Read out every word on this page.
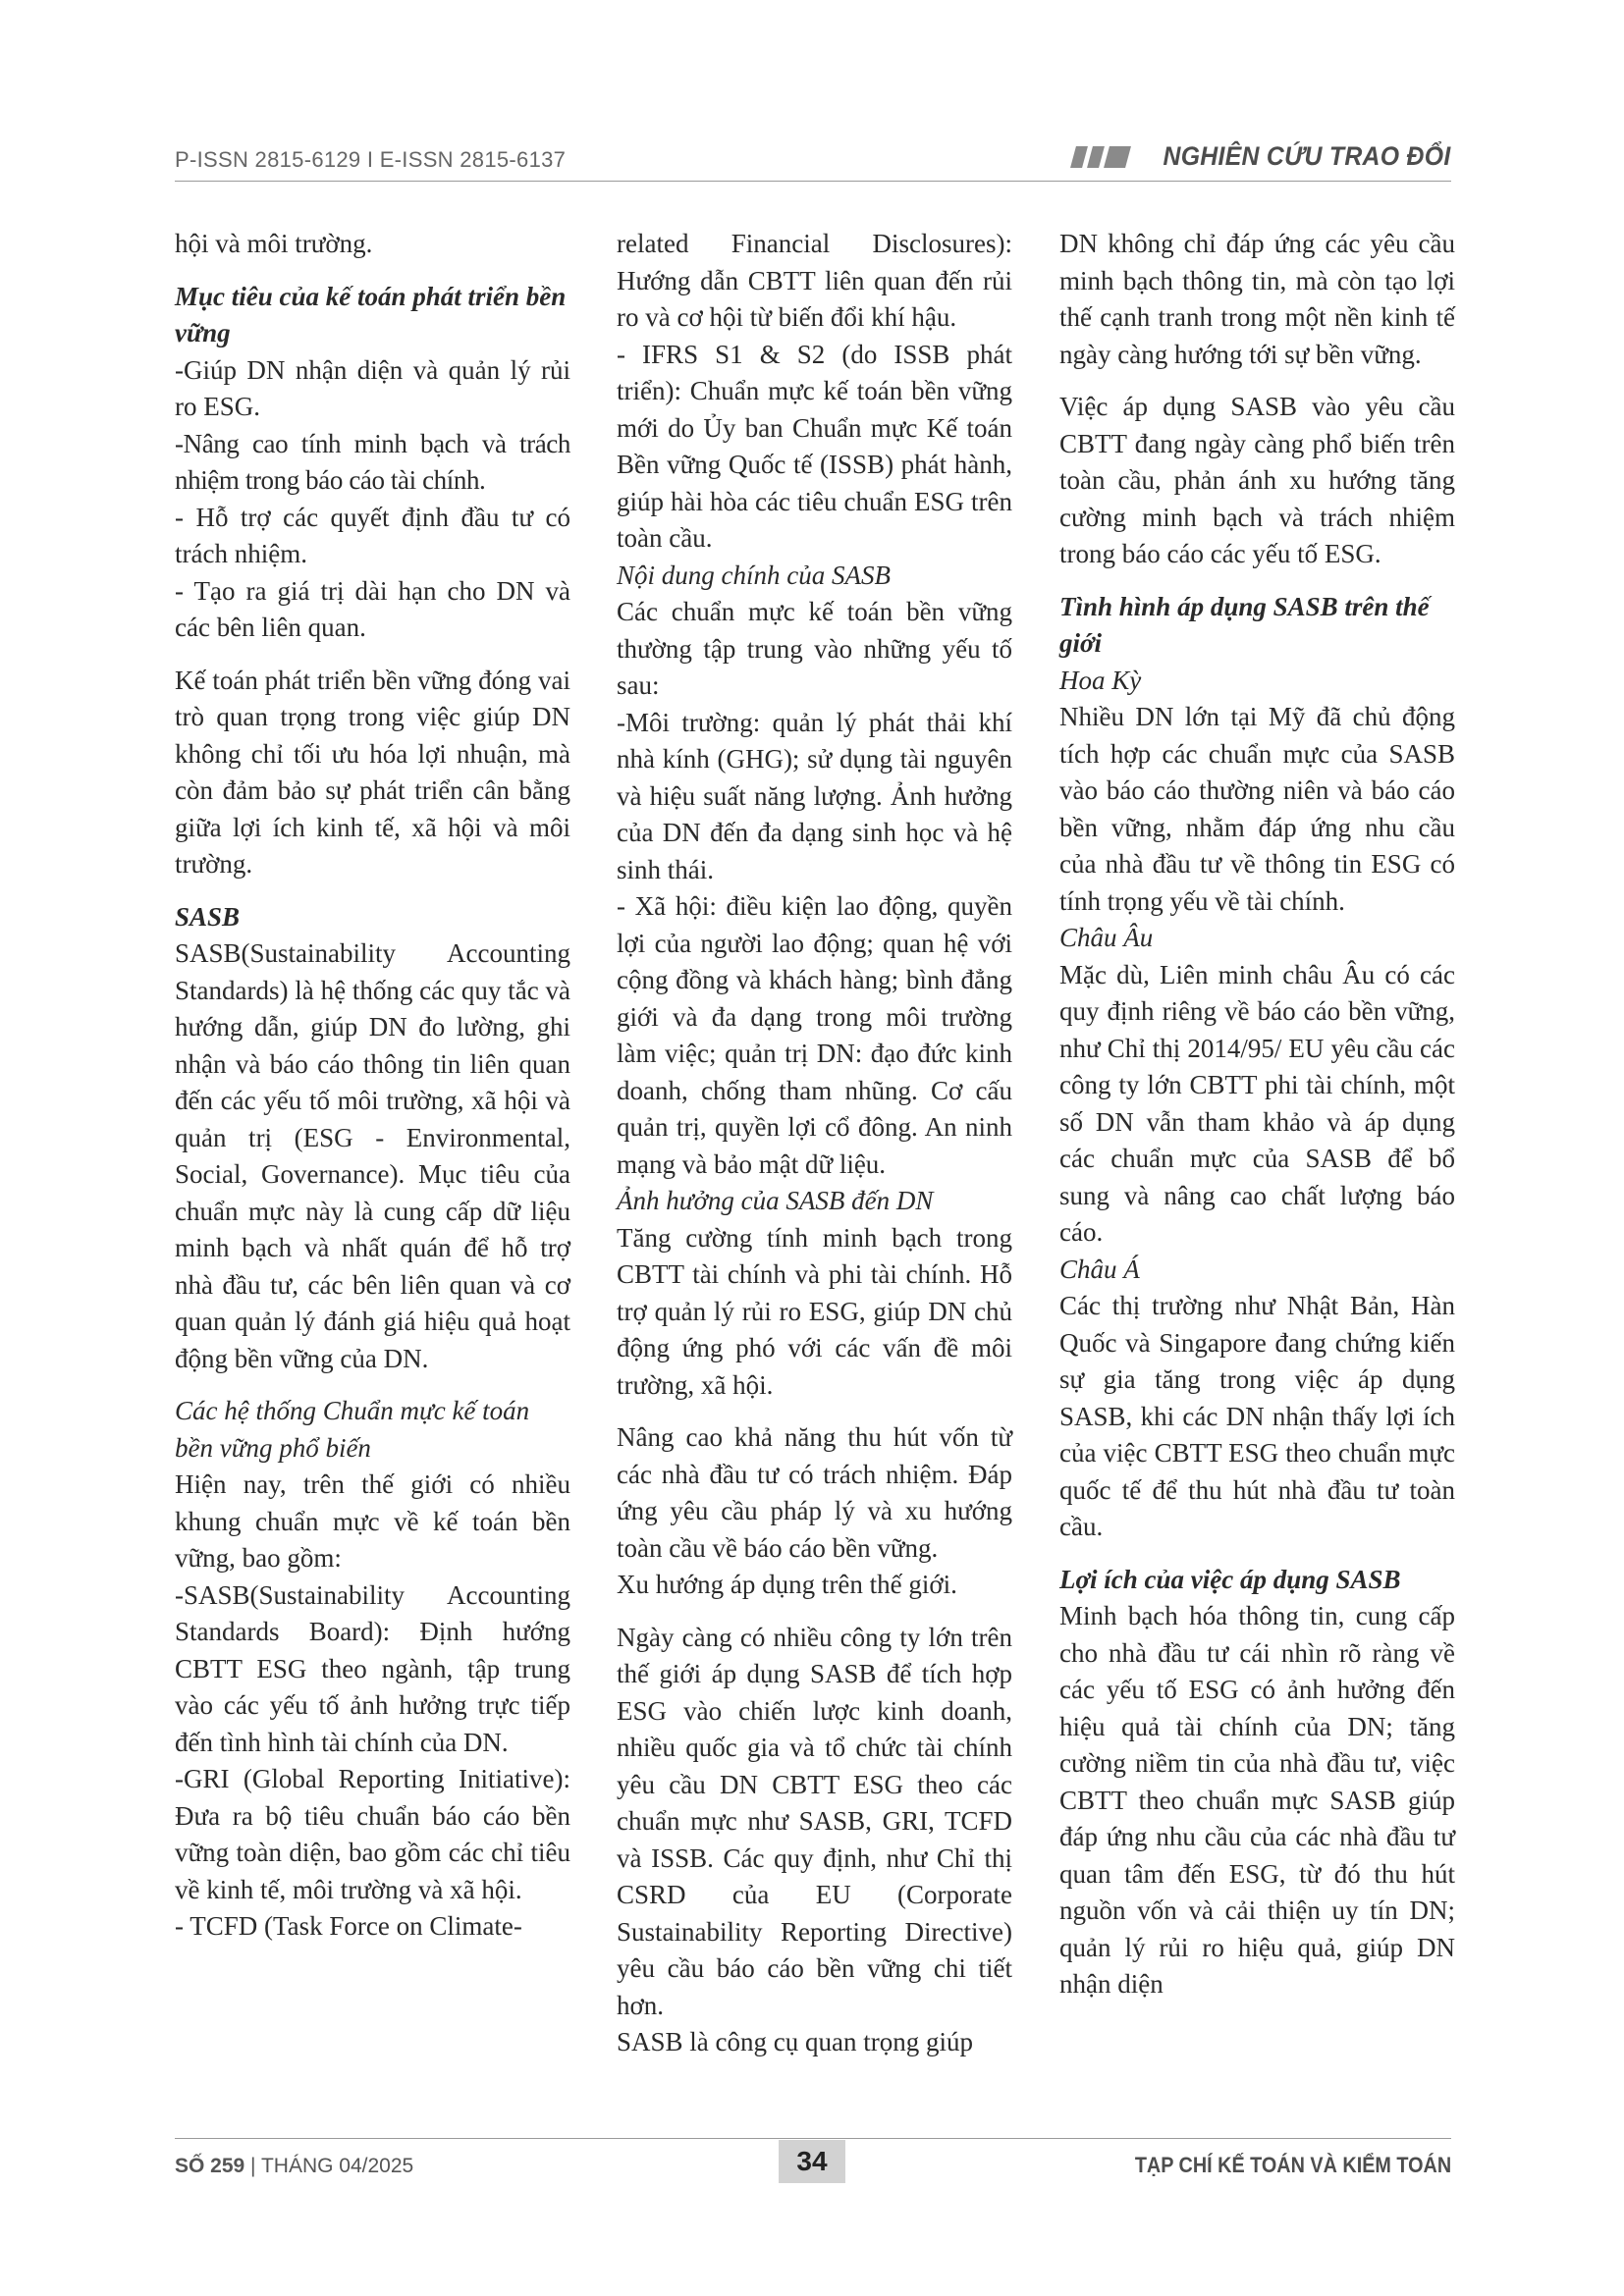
P-ISSN 2815-6129 I E-ISSN 2815-6137	NGHIÊN CỨU TRAO ĐỔI

hội và môi trường.

Mục tiêu của kế toán phát triển bền vững

-Giúp DN nhận diện và quản lý rủi ro ESG.

-Nâng cao tính minh bạch và trách nhiệm trong báo cáo tài chính.

- Hỗ trợ các quyết định đầu tư có trách nhiệm.

- Tạo ra giá trị dài hạn cho DN và các bên liên quan.

Kế toán phát triển bền vững đóng vai trò quan trọng trong việc giúp DN không chỉ tối ưu hóa lợi nhuận, mà còn đảm bảo sự phát triển cân bằng giữa lợi ích kinh tế, xã hội và môi trường.

SASB

SASB(Sustainability Accounting Standards) là hệ thống các quy tắc và hướng dẫn, giúp DN đo lường, ghi nhận và báo cáo thông tin liên quan đến các yếu tố môi trường, xã hội và quản trị (ESG - Environmental, Social, Governance). Mục tiêu của chuẩn mực này là cung cấp dữ liệu minh bạch và nhất quán để hỗ trợ nhà đầu tư, các bên liên quan và cơ quan quản lý đánh giá hiệu quả hoạt động bền vững của DN.

Các hệ thống Chuẩn mực kế toán bền vững phổ biến

Hiện nay, trên thế giới có nhiều khung chuẩn mực về kế toán bền vững, bao gồm:

-SASB(Sustainability Accounting Standards Board): Định hướng CBTT ESG theo ngành, tập trung vào các yếu tố ảnh hưởng trực tiếp đến tình hình tài chính của DN.

-GRI (Global Reporting Initiative): Đưa ra bộ tiêu chuẩn báo cáo bền vững toàn diện, bao gồm các chỉ tiêu về kinh tế, môi trường và xã hội.

- TCFD (Task Force on Climate-

related Financial Disclosures): Hướng dẫn CBTT liên quan đến rủi ro và cơ hội từ biến đổi khí hậu.

- IFRS S1 & S2 (do ISSB phát triển): Chuẩn mực kế toán bền vững mới do Ủy ban Chuẩn mực Kế toán Bền vững Quốc tế (ISSB) phát hành, giúp hài hòa các tiêu chuẩn ESG trên toàn cầu.

Nội dung chính của SASB

Các chuẩn mực kế toán bền vững thường tập trung vào những yếu tố sau:

-Môi trường: quản lý phát thải khí nhà kính (GHG); sử dụng tài nguyên và hiệu suất năng lượng. Ảnh hưởng của DN đến đa dạng sinh học và hệ sinh thái.

- Xã hội: điều kiện lao động, quyền lợi của người lao động; quan hệ với cộng đồng và khách hàng; bình đẳng giới và đa dạng trong môi trường làm việc; quản trị DN: đạo đức kinh doanh, chống tham nhũng. Cơ cấu quản trị, quyền lợi cổ đông. An ninh mạng và bảo mật dữ liệu.

Ảnh hưởng của SASB đến DN

Tăng cường tính minh bạch trong CBTT tài chính và phi tài chính. Hỗ trợ quản lý rủi ro ESG, giúp DN chủ động ứng phó với các vấn đề môi trường, xã hội.

Nâng cao khả năng thu hút vốn từ các nhà đầu tư có trách nhiệm. Đáp ứng yêu cầu pháp lý và xu hướng toàn cầu về báo cáo bền vững.

Xu hướng áp dụng trên thế giới.

Ngày càng có nhiều công ty lớn trên thế giới áp dụng SASB để tích hợp ESG vào chiến lược kinh doanh, nhiều quốc gia và tổ chức tài chính yêu cầu DN CBTT ESG theo các chuẩn mực như SASB, GRI, TCFD và ISSB. Các quy định, như Chỉ thị CSRD của EU (Corporate Sustainability Reporting Directive) yêu cầu báo cáo bền vững chi tiết hơn.

SASB là công cụ quan trọng giúp

DN không chỉ đáp ứng các yêu cầu minh bạch thông tin, mà còn tạo lợi thế cạnh tranh trong một nền kinh tế ngày càng hướng tới sự bền vững.

Việc áp dụng SASB vào yêu cầu CBTT đang ngày càng phổ biến trên toàn cầu, phản ánh xu hướng tăng cường minh bạch và trách nhiệm trong báo cáo các yếu tố ESG.

Tình hình áp dụng SASB trên thế giới

Hoa Kỳ

Nhiều DN lớn tại Mỹ đã chủ động tích hợp các chuẩn mực của SASB vào báo cáo thường niên và báo cáo bền vững, nhằm đáp ứng nhu cầu của nhà đầu tư về thông tin ESG có tính trọng yếu về tài chính.

Châu Âu

Mặc dù, Liên minh châu Âu có các quy định riêng về báo cáo bền vững, như Chỉ thị 2014/95/ EU yêu cầu các công ty lớn CBTT phi tài chính, một số DN vẫn tham khảo và áp dụng các chuẩn mực của SASB để bổ sung và nâng cao chất lượng báo cáo.

Châu Á

Các thị trường như Nhật Bản, Hàn Quốc và Singapore đang chứng kiến sự gia tăng trong việc áp dụng SASB, khi các DN nhận thấy lợi ích của việc CBTT ESG theo chuẩn mực quốc tế để thu hút nhà đầu tư toàn cầu.

Lợi ích của việc áp dụng SASB

Minh bạch hóa thông tin, cung cấp cho nhà đầu tư cái nhìn rõ ràng về các yếu tố ESG có ảnh hưởng đến hiệu quả tài chính của DN; tăng cường niềm tin của nhà đầu tư, việc CBTT theo chuẩn mực SASB giúp đáp ứng nhu cầu của các nhà đầu tư quan tâm đến ESG, từ đó thu hút nguồn vốn và cải thiện uy tín DN; quản lý rủi ro hiệu quả, giúp DN nhận diện

SỐ 259 | THÁNG 04/2025	34	TẠP CHÍ KẾ TOÁN VÀ KIỂM TOÁN
